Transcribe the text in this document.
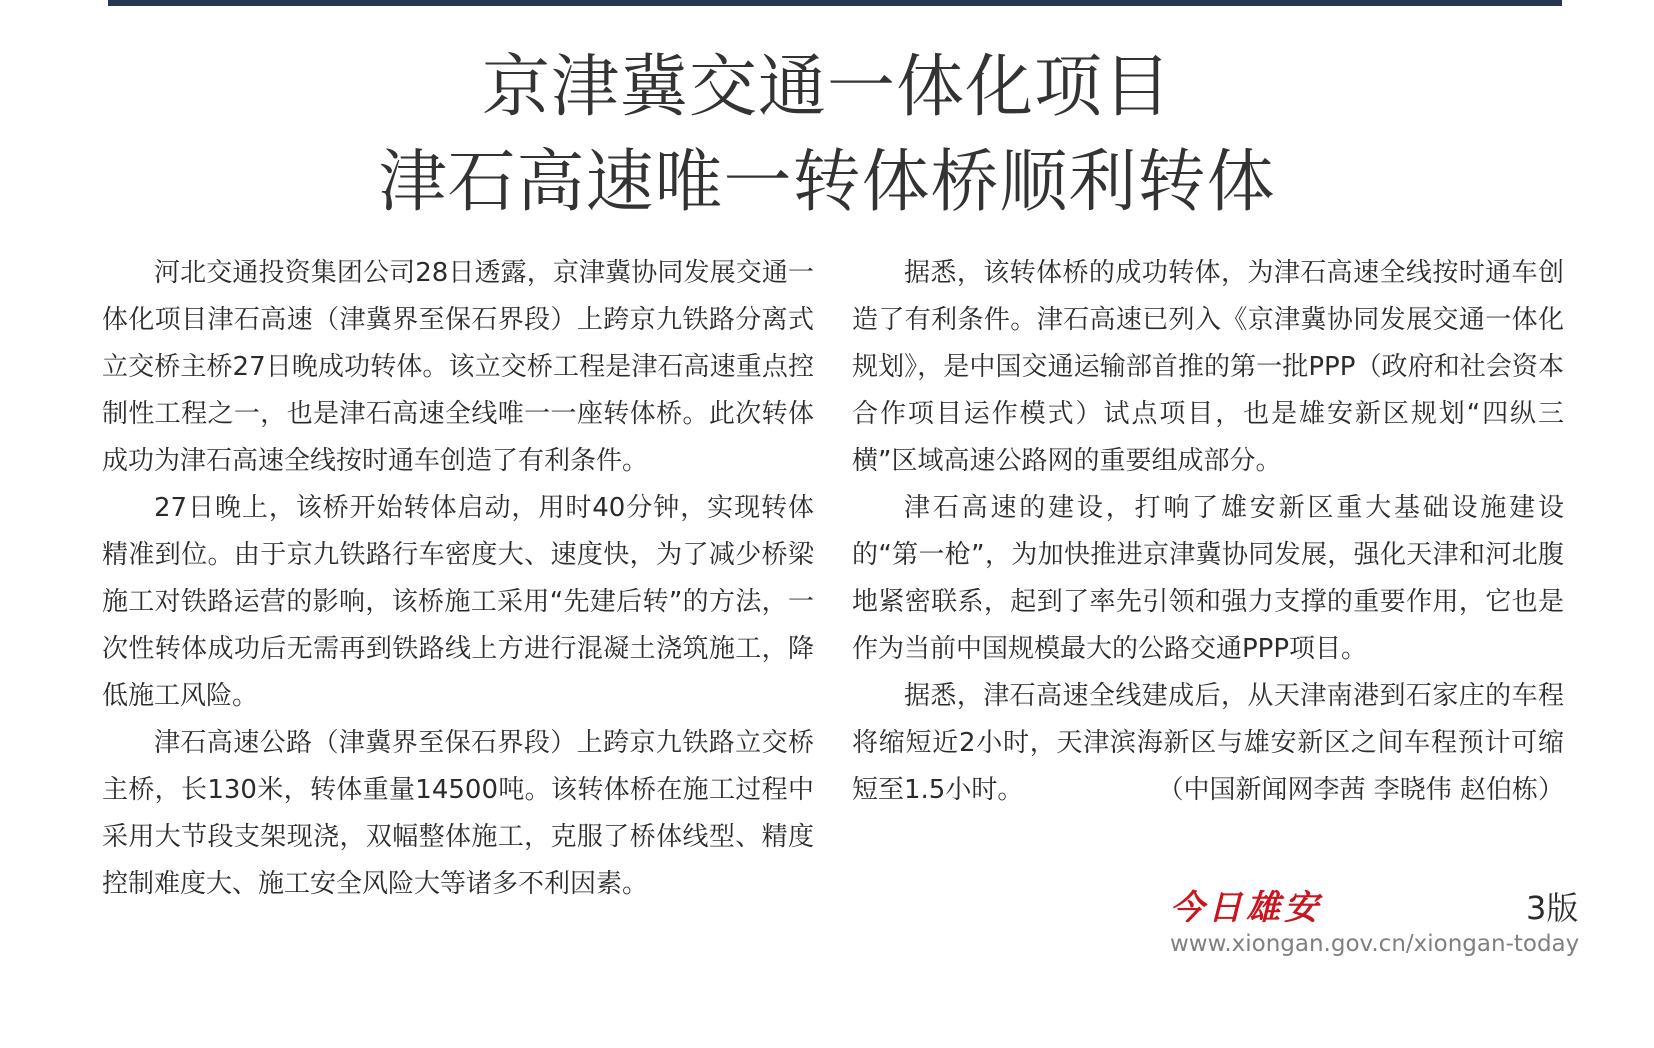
京津冀交通一体化项目
津石高速唯一转体桥顺利转体

河北交通投资集团公司28日透露，京津冀协同发展交通一体化项目津石高速（津冀界至保石界段）上跨京九铁路分离式立交桥主桥27日晚成功转体。该立交桥工程是津石高速重点控制性工程之一，也是津石高速全线唯一一座转体桥。此次转体成功为津石高速全线按时通车创造了有利条件。

27日晚上，该桥开始转体启动，用时40分钟，实现转体精准到位。由于京九铁路行车密度大、速度快，为了减少桥梁施工对铁路运营的影响，该桥施工采用“先建后转”的方法，一次性转体成功后无需再到铁路线上方进行混凝土浇筑施工，降低施工风险。

津石高速公路（津冀界至保石界段）上跨京九铁路立交桥主桥，长130米，转体重量14500吨。该转体桥在施工过程中采用大节段支架现浇，双幅整体施工，克服了桥体线型、精度控制难度大、施工安全风险大等诸多不利因素。

据悉，该转体桥的成功转体，为津石高速全线按时通车创造了有利条件。津石高速已列入《京津冀协同发展交通一体化规划》，是中国交通运输部首推的第一批PPP（政府和社会资本合作项目运作模式）试点项目，也是雄安新区规划“四纵三横”区域高速公路网的重要组成部分。

津石高速的建设，打响了雄安新区重大基础设施建设的“第一枪”，为加快推进京津冀协同发展，强化天津和河北腹地紧密联系，起到了率先引领和强力支撑的重要作用，它也是作为当前中国规模最大的公路交通PPP项目。

据悉，津石高速全线建成后，从天津南港到石家庄的车程将缩短近2小时，天津滨海新区与雄安新区之间车程预计可缩短至1.5小时。	（中国新闻网李茜 李晓伟 赵伯栋）

今日雄安	3版
www.xiongan.gov.cn/xiongan-today
